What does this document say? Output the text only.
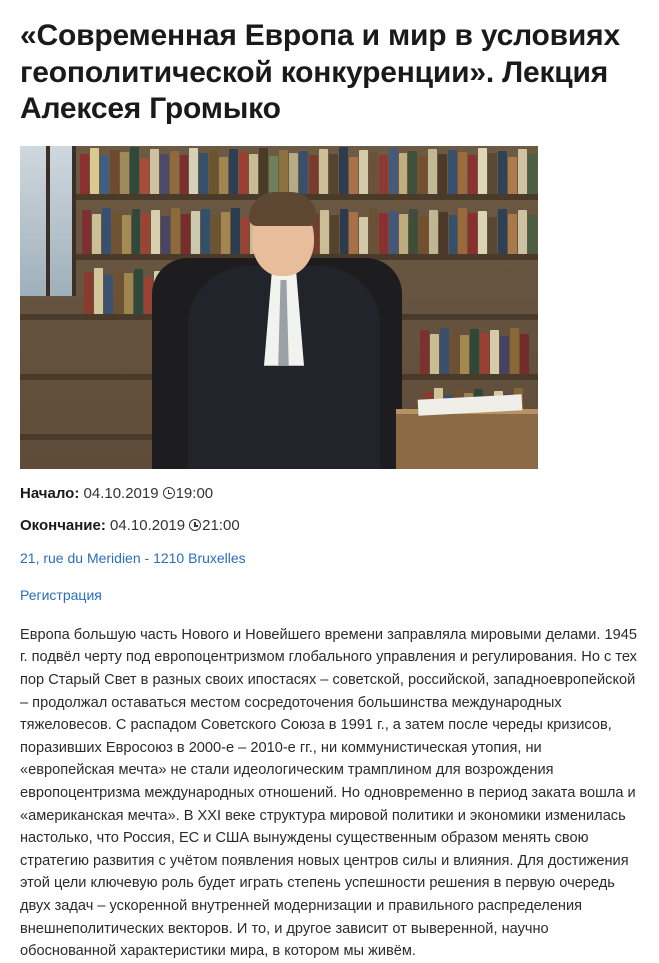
«Современная Европа и мир в условиях геополитической конкуренции». Лекция Алексея Громыко

Начало: 04.10.2019 19:00

Окончание: 04.10.2019 21:00

21, rue du Meridien - 1210 Bruxelles

Регистрация

Европа большую часть Нового и Новейшего времени заправляла мировыми делами. 1945 г. подвёл черту под европоцентризмом глобального управления и регулирования. Но с тех пор Старый Свет в разных своих ипостасях – советской, российской, западноевропейской – продолжал оставаться местом сосредоточения большинства международных тяжеловесов. С распадом Советского Союза в 1991 г., а затем после череды кризисов, поразивших Евросоюз в 2000-е – 2010-е гг., ни коммунистическая утопия, ни «европейская мечта» не стали идеологическим трамплином для возрождения европоцентризма международных отношений. Но одновременно в период заката вошла и «американская мечта». В XXI веке структура мировой политики и экономики изменилась настолько, что Россия, ЕС и США вынуждены существенным образом менять свою стратегию развития с учётом появления новых центров силы и влияния. Для достижения этой цели ключевую роль будет играть степень успешности решения в первую очередь двух задач – ускоренной внутренней модернизации и правильного распределения внешнеполитических векторов. И то, и другое зависит от выверенной, научно обоснованной характеристики мира, в котором мы живём.
